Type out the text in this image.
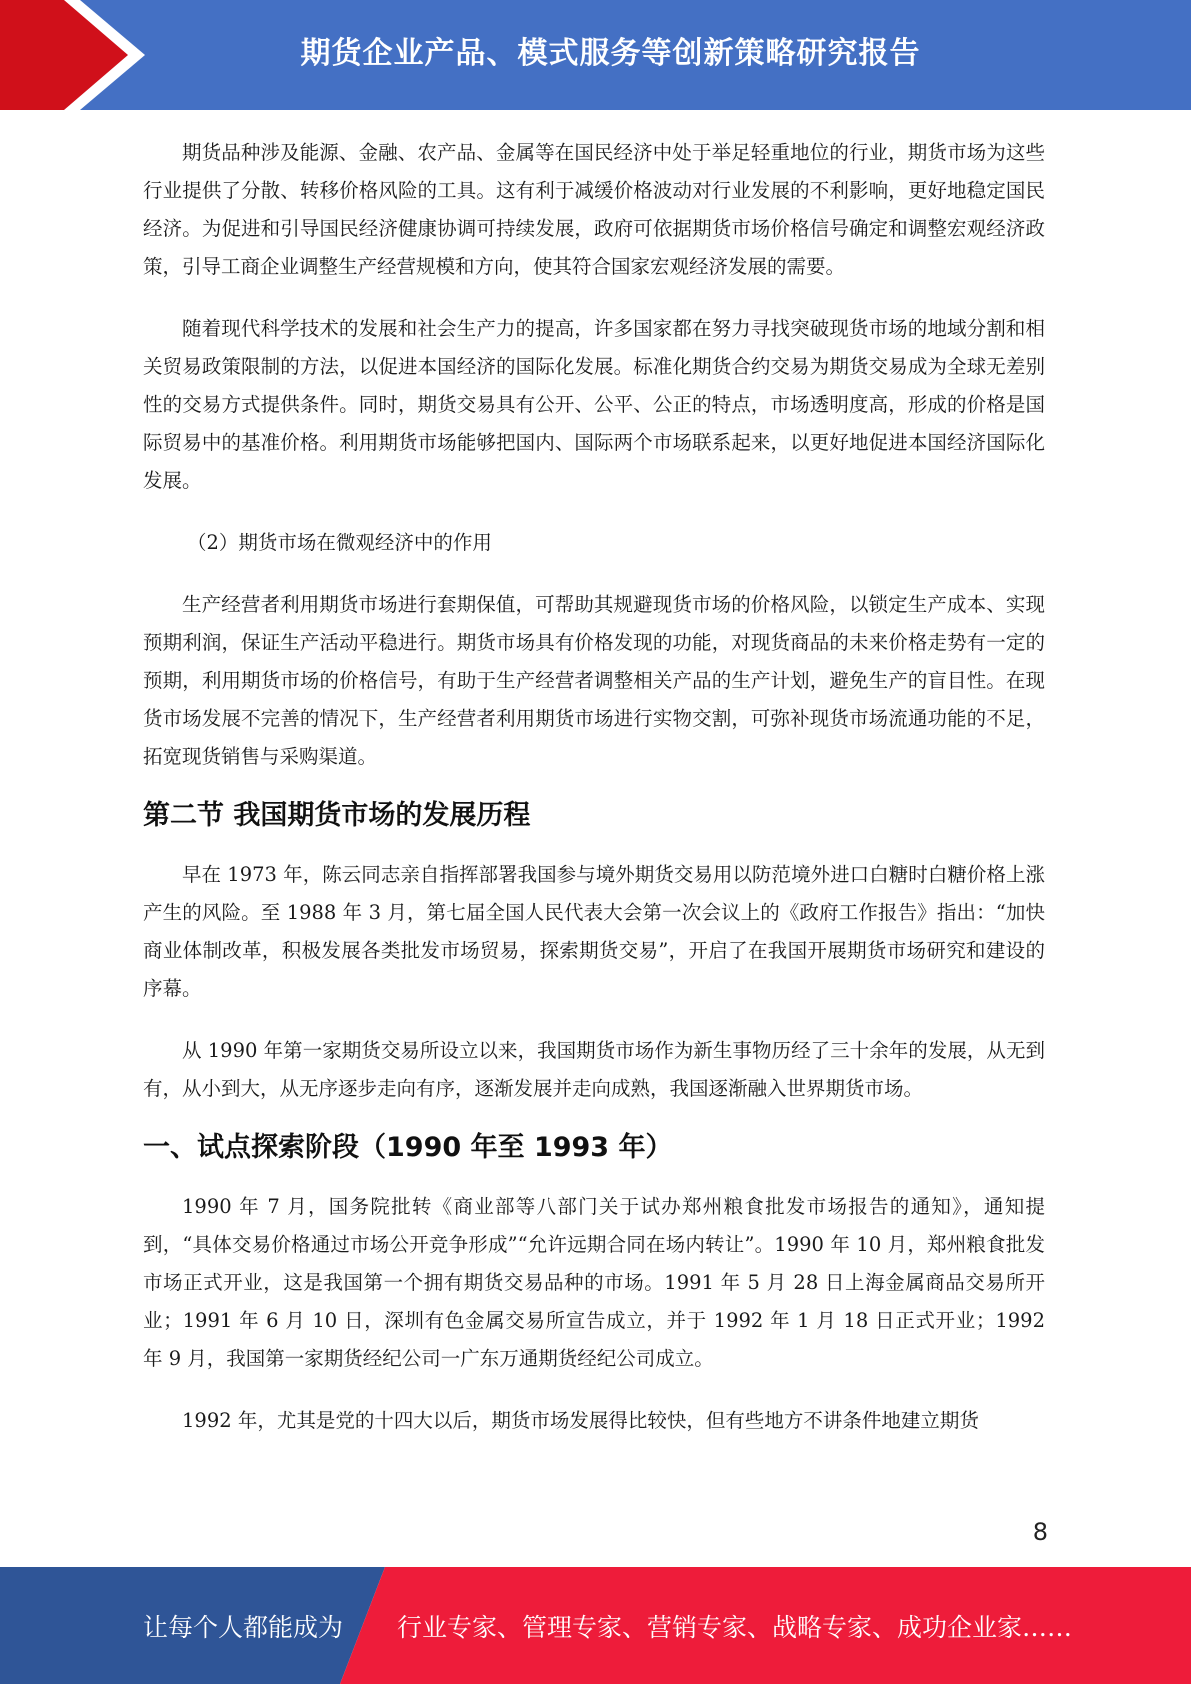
期货企业产品、模式服务等创新策略研究报告

期货品种涉及能源、金融、农产品、金属等在国民经济中处于举足轻重地位的行业，期货市场为这些行业提供了分散、转移价格风险的工具。这有利于减缓价格波动对行业发展的不利影响，更好地稳定国民经济。为促进和引导国民经济健康协调可持续发展，政府可依据期货市场价格信号确定和调整宏观经济政策，引导工商企业调整生产经营规模和方向，使其符合国家宏观经济发展的需要。

随着现代科学技术的发展和社会生产力的提高，许多国家都在努力寻找突破现货市场的地域分割和相关贸易政策限制的方法，以促进本国经济的国际化发展。标准化期货合约交易为期货交易成为全球无差别性的交易方式提供条件。同时，期货交易具有公开、公平、公正的特点，市场透明度高，形成的价格是国际贸易中的基准价格。利用期货市场能够把国内、国际两个市场联系起来，以更好地促进本国经济国际化发展。

（2）期货市场在微观经济中的作用

生产经营者利用期货市场进行套期保值，可帮助其规避现货市场的价格风险，以锁定生产成本、实现预期利润，保证生产活动平稳进行。期货市场具有价格发现的功能，对现货商品的未来价格走势有一定的预期，利用期货市场的价格信号，有助于生产经营者调整相关产品的生产计划，避免生产的盲目性。在现货市场发展不完善的情况下，生产经营者利用期货市场进行实物交割，可弥补现货市场流通功能的不足，拓宽现货销售与采购渠道。

第二节 我国期货市场的发展历程

早在 1973 年，陈云同志亲自指挥部署我国参与境外期货交易用以防范境外进口白糖时白糖价格上涨产生的风险。至 1988 年 3 月，第七届全国人民代表大会第一次会议上的《政府工作报告》指出：“加快商业体制改革，积极发展各类批发市场贸易，探索期货交易”，开启了在我国开展期货市场研究和建设的序幕。

从 1990 年第一家期货交易所设立以来，我国期货市场作为新生事物历经了三十余年的发展，从无到有，从小到大，从无序逐步走向有序，逐渐发展并走向成熟，我国逐渐融入世界期货市场。

一、试点探索阶段（1990 年至 1993 年）

1990 年 7 月，国务院批转《商业部等八部门关于试办郑州粮食批发市场报告的通知》，通知提到，“具体交易价格通过市场公开竞争形成”“允许远期合同在场内转让”。1990 年 10 月，郑州粮食批发市场正式开业，这是我国第一个拥有期货交易品种的市场。1991 年 5 月 28 日上海金属商品交易所开业；1991 年 6 月 10 日，深圳有色金属交易所宣告成立，并于 1992 年 1 月 18 日正式开业；1992 年 9 月，我国第一家期货经纪公司一广东万通期货经纪公司成立。

1992 年，尤其是党的十四大以后，期货市场发展得比较快，但有些地方不讲条件地建立期货

8
让每个人都能成为 行业专家、管理专家、营销专家、战略专家、成功企业家……
